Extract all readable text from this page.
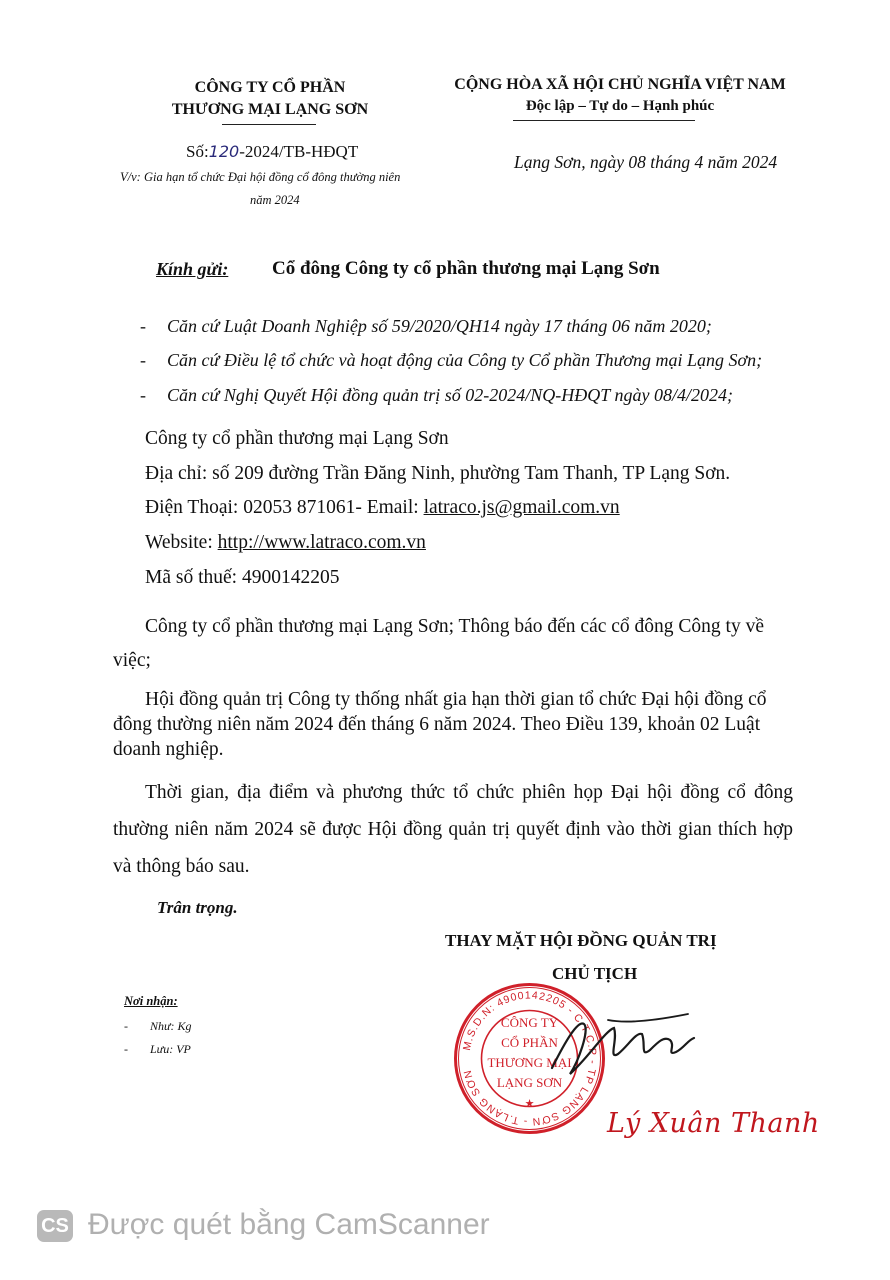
CÔNG TY CỔ PHẦN
THƯƠNG MẠI LẠNG SƠN
Số:120-2024/TB-HĐQT
V/v: Gia hạn tổ chức Đại hội đồng cổ đông thường niên
năm 2024
CỘNG HÒA XÃ HỘI CHỦ NGHĨA VIỆT NAM
Độc lập – Tự do – Hạnh phúc
Lạng Sơn, ngày 08 tháng 4 năm 2024
Kính gửi: Cổ đông Công ty cổ phần thương mại Lạng Sơn
- Căn cứ Luật Doanh Nghiệp số 59/2020/QH14 ngày 17 tháng 06 năm 2020;
- Căn cứ Điều lệ tổ chức và hoạt động của Công ty Cổ phần Thương mại Lạng Sơn;
- Căn cứ Nghị Quyết Hội đồng quản trị số 02-2024/NQ-HĐQT ngày 08/4/2024;
Công ty cổ phần thương mại Lạng Sơn
Địa chỉ: số 209 đường Trần Đăng Ninh, phường Tam Thanh, TP Lạng Sơn.
Điện Thoại: 02053 871061- Email: latraco.js@gmail.com.vn
Website: http://www.latraco.com.vn
Mã số thuế: 4900142205
Công ty cổ phần thương mại Lạng Sơn; Thông báo đến các cổ đông Công ty về việc;
Hội đồng quản trị Công ty thống nhất gia hạn thời gian tổ chức Đại hội đồng cổ đông thường niên năm 2024 đến tháng 6 năm 2024. Theo Điều 139, khoản 02 Luật doanh nghiệp.
Thời gian, địa điểm và phương thức tổ chức phiên họp Đại hội đồng cổ đông thường niên năm 2024 sẽ được Hội đồng quản trị quyết định vào thời gian thích hợp và thông báo sau.
Trân trọng.
THAY MẶT HỘI ĐỒNG QUẢN TRỊ
CHỦ TỊCH
Nơi nhận:
- Như: Kg
- Lưu: VP	M.S.D.N: 4900142205 - C.T.C.P - TP LẠNG SƠN - T.LẠNG SƠN
CÔNG TY
CỔ PHẦN
THƯƠNG MẠI
LẠNG SƠN
★
Lý Xuân Thanh
CS Được quét bằng CamScanner
